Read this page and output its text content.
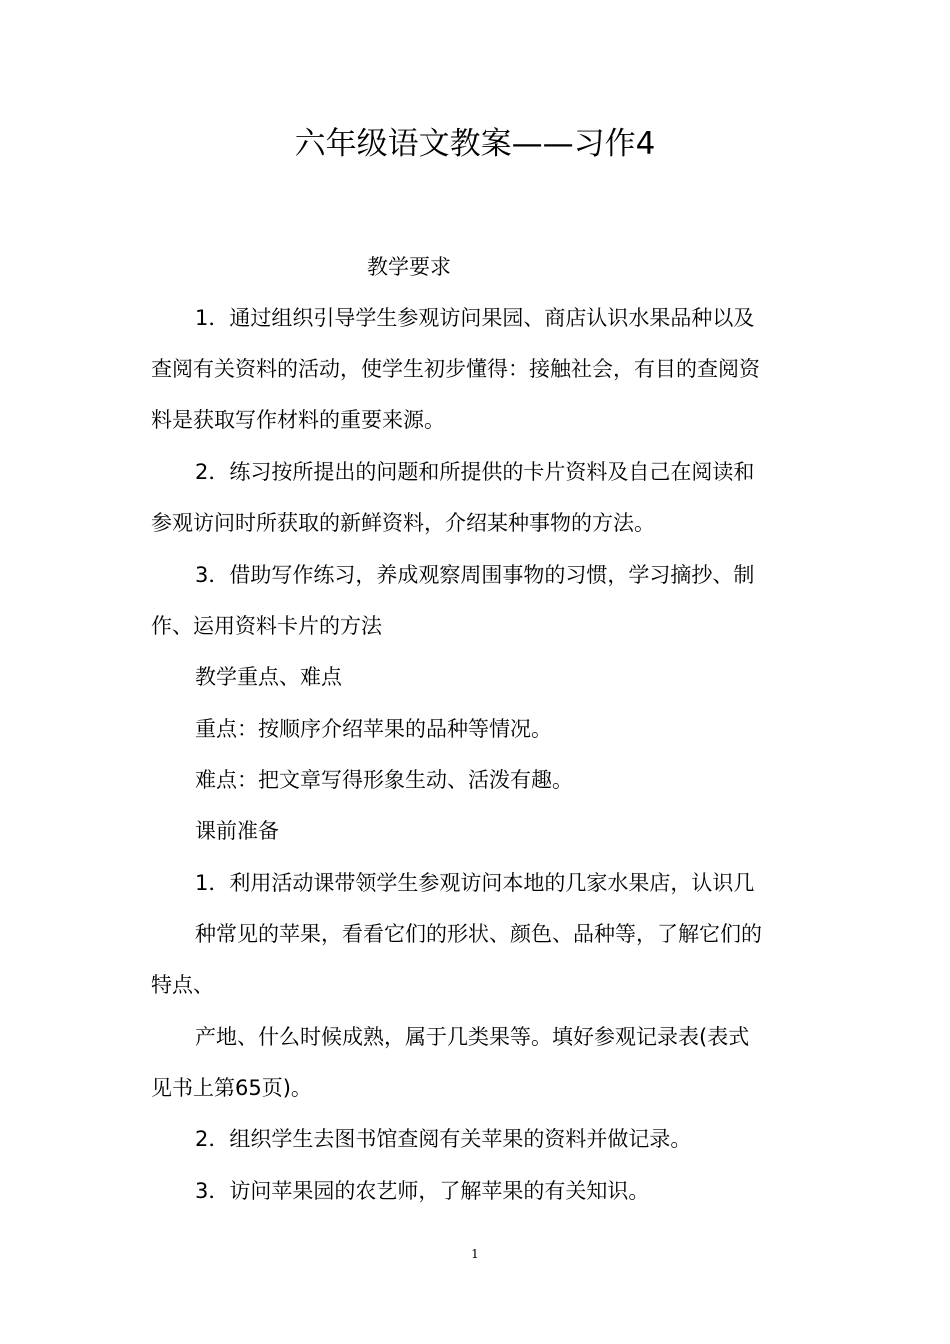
六年级语文教案——习作4
教学要求
1．通过组织引导学生参观访问果园、商店认识水果品种以及
查阅有关资料的活动，使学生初步懂得：接触社会，有目的查阅资
料是获取写作材料的重要来源。
2．练习按所提出的问题和所提供的卡片资料及自己在阅读和
参观访问时所获取的新鲜资料，介绍某种事物的方法。
3．借助写作练习，养成观察周围事物的习惯，学习摘抄、制
作、运用资料卡片的方法
教学重点、难点
重点：按顺序介绍苹果的品种等情况。
难点：把文章写得形象生动、活泼有趣。
课前准备
1．利用活动课带领学生参观访问本地的几家水果店，认识几
种常见的苹果，看看它们的形状、颜色、品种等，了解它们的
特点、
产地、什么时候成熟，属于几类果等。填好参观记录表(表式
见书上第65页)。
2．组织学生去图书馆查阅有关苹果的资料并做记录。
3．访问苹果园的农艺师，了解苹果的有关知识。
1
